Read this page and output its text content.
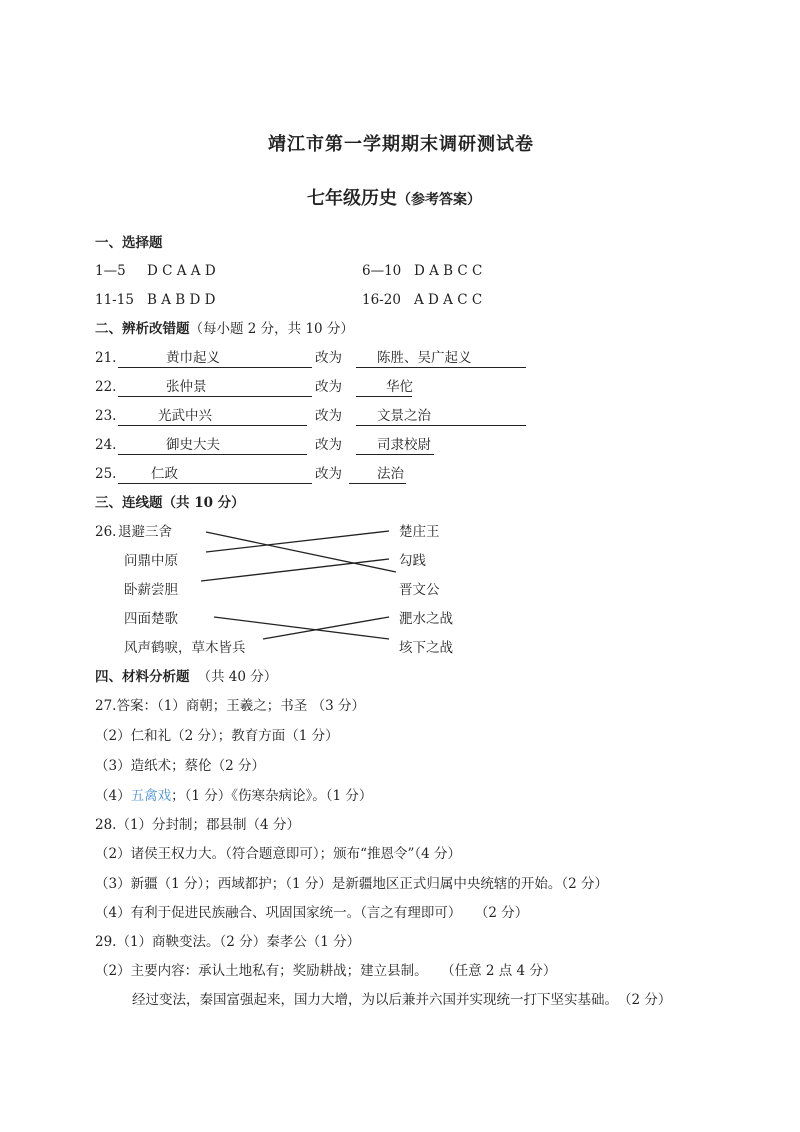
靖江市第一学期期末调研测试卷
七年级历史（参考答案）
一、选择题
1—5 D C A A D	6—10 D A B C C
11-15 B A B D D	16-20 A D A C C
二、辨析改错题（每小题 2 分，共 10 分）
21.	黄巾起义	改为	陈胜、吴广起义
22.	张仲景	改为	华佗
23.	光武中兴	改为	文景之治
24.	御史大夫	改为	司隶校尉
25.	仁政	改为	法治
三、连线题（共 10 分）
26. 退避三舍
问鼎中原
卧薪尝胆
四面楚歌
风声鹤唳，草木皆兵
楚庄王
勾践
晋文公
淝水之战
垓下之战
四、材料分析题 （共 40 分）
27.答案：（1）商朝；王羲之；书圣 （3 分）
（2）仁和礼（2 分）；教育方面（1 分）
（3）造纸术；蔡伦（2 分）
（4）五禽戏；（1 分）《伤寒杂病论》。（1 分）
28.（1）分封制；郡县制（4 分）
（2）诸侯王权力大。（符合题意即可）；颁布“推恩令”（4 分）
（3）新疆（1 分）；西域都护；（1 分）是新疆地区正式归属中央统辖的开始。（2 分）
（4）有利于促进民族融合、巩固国家统一。（言之有理即可）　　（2 分）
29.（1）商鞅变法。（2 分）秦孝公（1 分）
（2）主要内容：承认土地私有；奖励耕战；建立县制。　　（任意 2 点 4 分）
经过变法，秦国富强起来，国力大增，为以后兼并六国并实现统一打下坚实基础。　（2 分）
